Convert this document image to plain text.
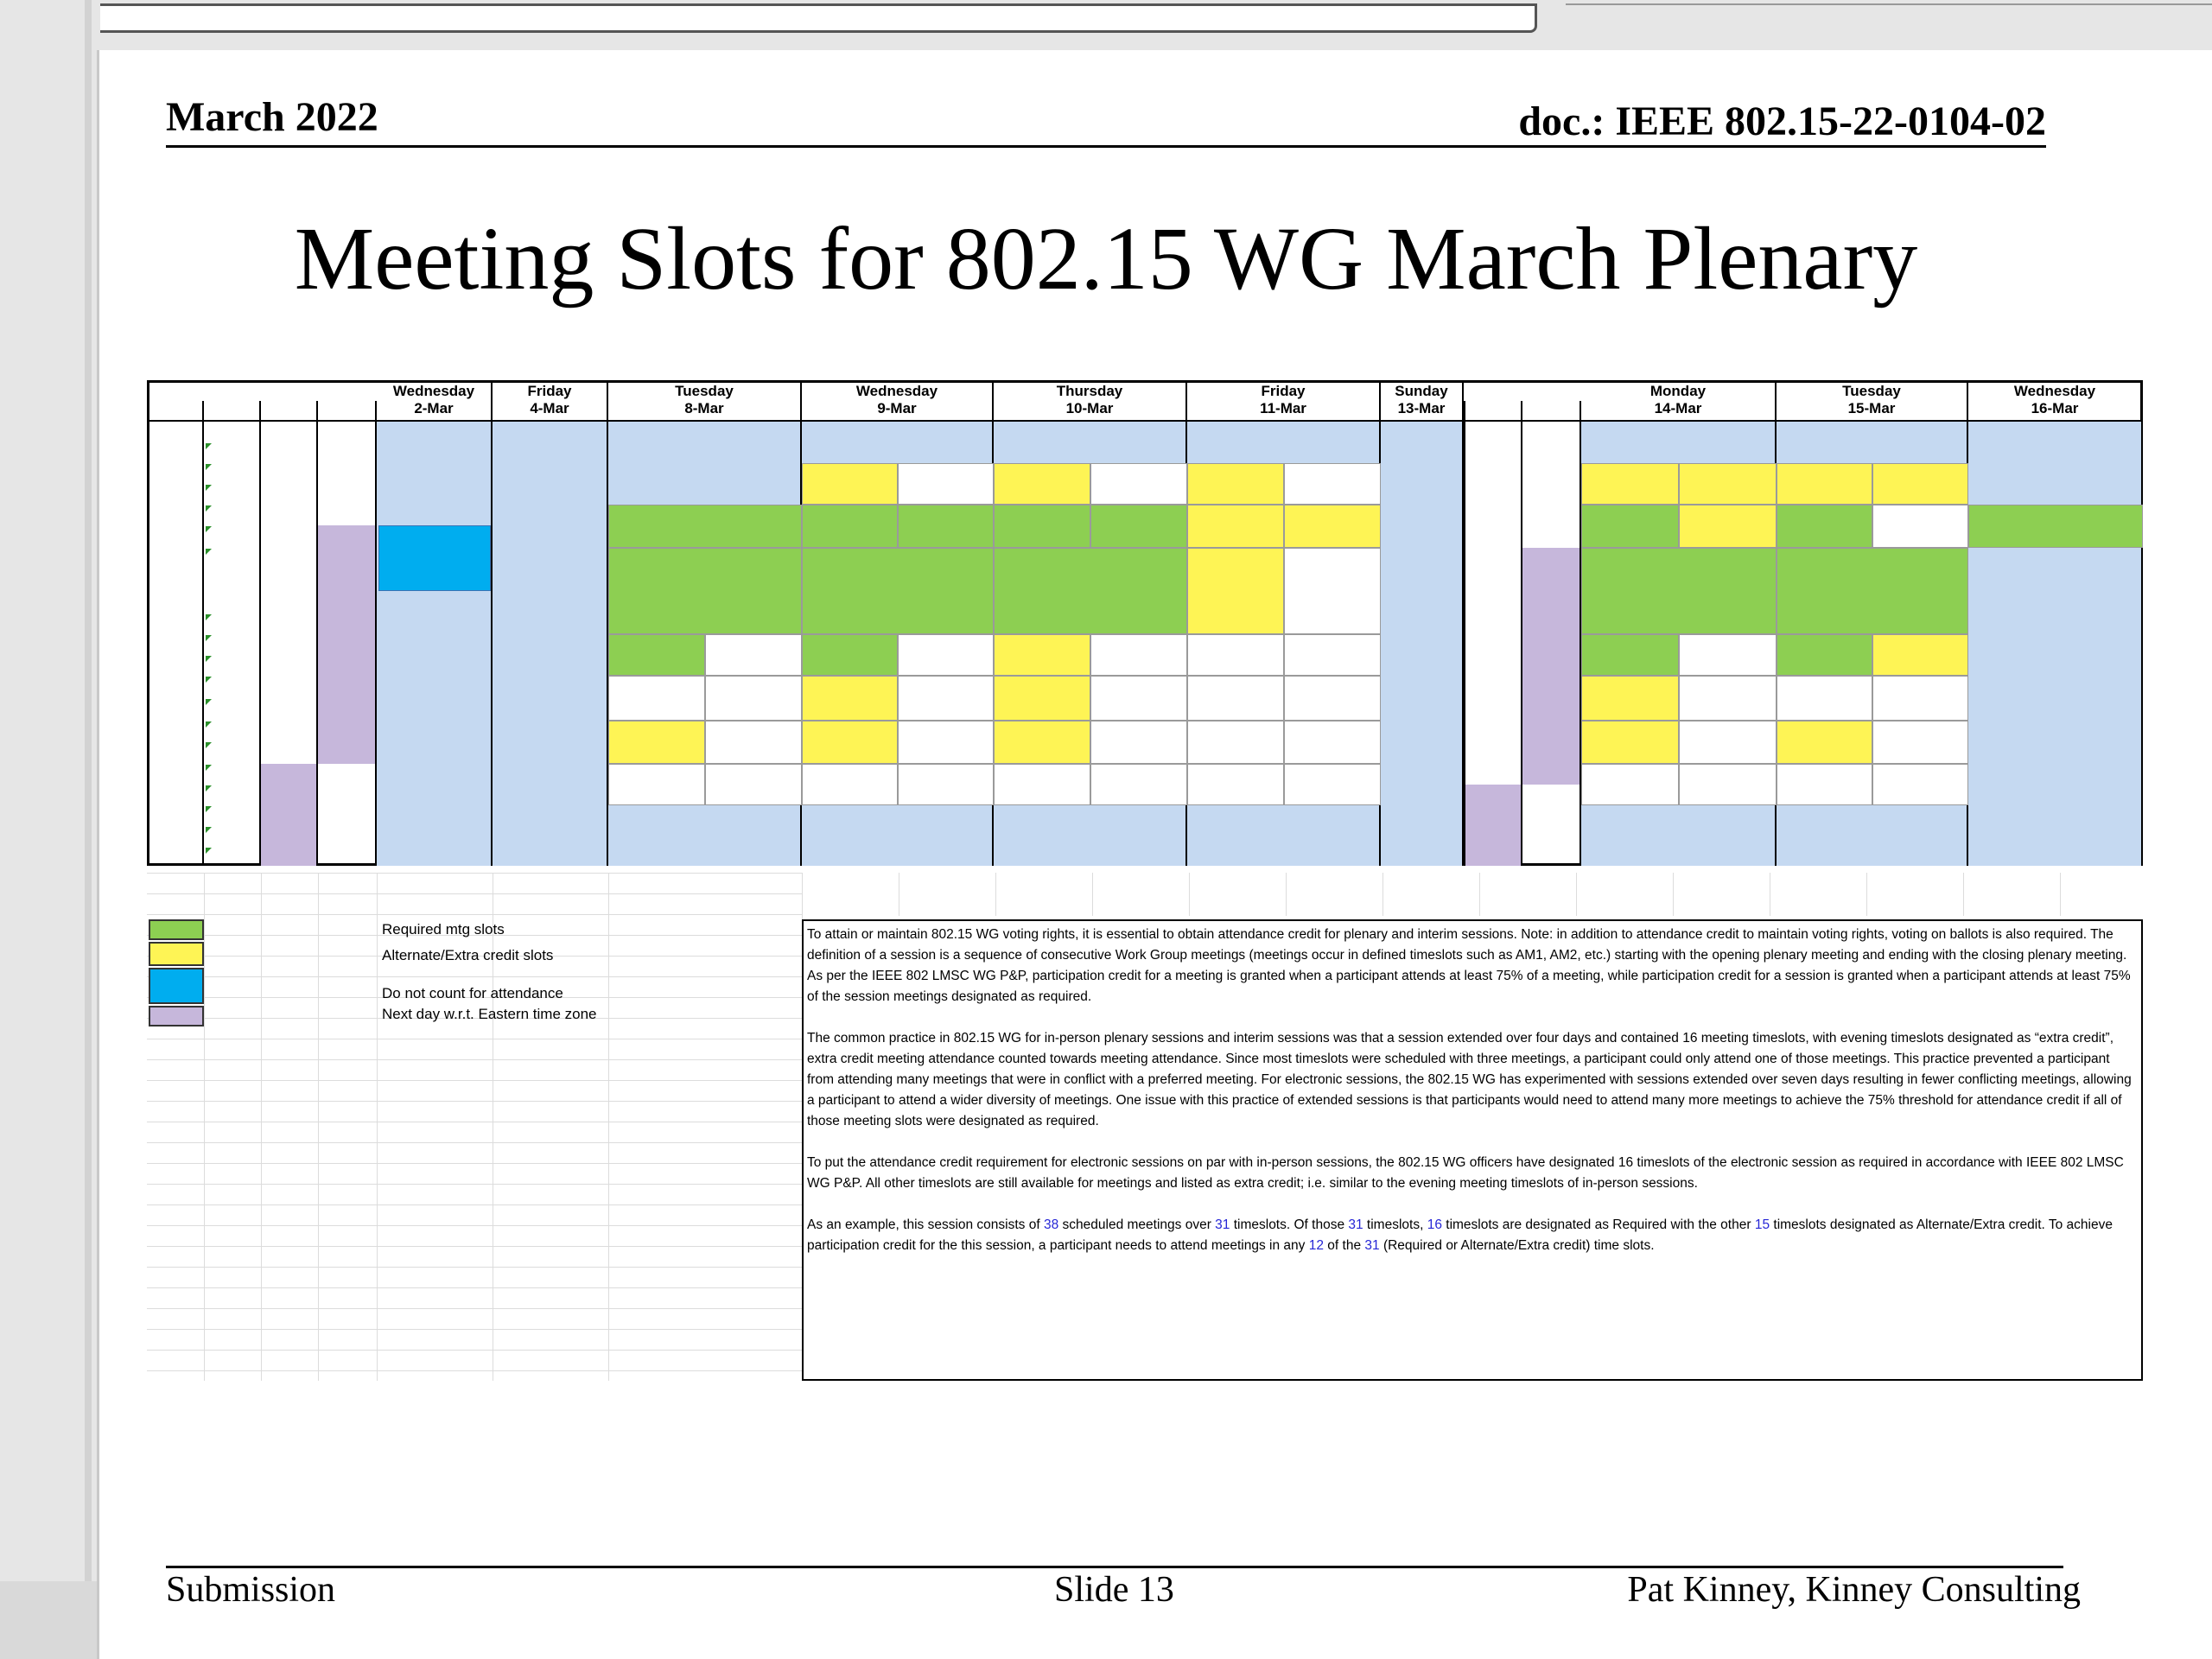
March 2022	doc.: IEEE 802.15-22-0104-02
Meeting Slots for 802.15 WG March Plenary
Wednesday
2-Mar
Friday
4-Mar
Tuesday
8-Mar
Wednesday
9-Mar
Thursday
10-Mar
Friday
11-Mar
Sunday
13-Mar
Monday
14-Mar
Tuesday
15-Mar
Wednesday
16-Mar
Required mtg slots
Alternate/Extra credit slots
Do not count for attendance
Next day w.r.t. Eastern time zone

To attain or maintain 802.15 WG voting rights, it is essential to obtain attendance credit for plenary and interim sessions. Note: in addition to attendance credit to maintain voting rights, voting on ballots is also required. The definition of a session is a sequence of consecutive Work Group meetings (meetings occur in defined timeslots such as AM1, AM2, etc.) starting with the opening plenary meeting and ending with the closing plenary meeting. As per the IEEE 802 LMSC WG P&P, participation credit for a meeting is granted when a participant attends at least 75% of a meeting, while participation credit for a session is granted when a participant attends at least 75% of the session meetings designated as required.

The common practice in 802.15 WG for in-person plenary sessions and interim sessions was that a session extended over four days and contained 16 meeting timeslots, with evening timeslots designated as “extra credit”, extra credit meeting attendance counted towards meeting attendance. Since most timeslots were scheduled with three meetings, a participant could only attend one of those meetings. This practice prevented a participant from attending many meetings that were in conflict with a preferred meeting. For electronic sessions, the 802.15 WG has experimented with sessions extended over seven days resulting in fewer conflicting meetings, allowing a participant to attend a wider diversity of meetings. One issue with this practice of extended sessions is that participants would need to attend many more meetings to achieve the 75% threshold for attendance credit if all of those meeting slots were designated as required.

To put the attendance credit requirement for electronic sessions on par with in-person sessions, the 802.15 WG officers have designated 16 timeslots of the electronic session as required in accordance with IEEE 802 LMSC WG P&P. All other timeslots are still available for meetings and listed as extra credit; i.e. similar to the evening meeting timeslots of in-person sessions.

As an example, this session consists of 38 scheduled meetings over 31 timeslots. Of those 31 timeslots, 16 timeslots are designated as Required with the other 15 timeslots designated as Alternate/Extra credit. To achieve participation credit for the this session, a participant needs to attend meetings in any 12 of the 31 (Required or Alternate/Extra credit) time slots.

Submission	Slide 13	Pat Kinney, Kinney Consulting
